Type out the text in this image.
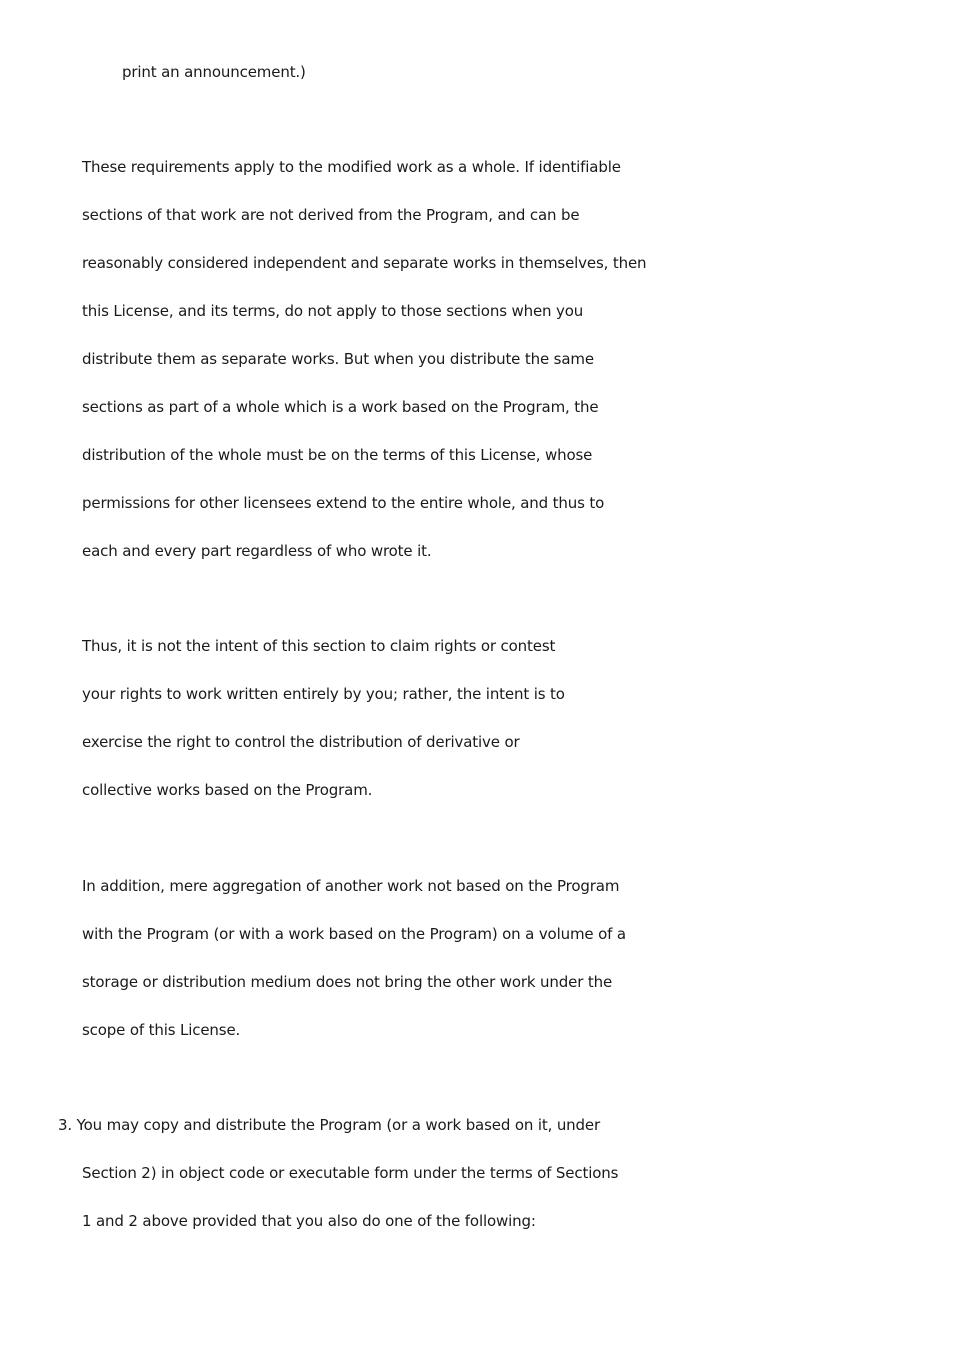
print an announcement.)
These requirements apply to the modified work as a whole. If identifiable
sections of that work are not derived from the Program, and can be
reasonably considered independent and separate works in themselves, then
this License, and its terms, do not apply to those sections when you
distribute them as separate works. But when you distribute the same
sections as part of a whole which is a work based on the Program, the
distribution of the whole must be on the terms of this License, whose
permissions for other licensees extend to the entire whole, and thus to
each and every part regardless of who wrote it.
Thus, it is not the intent of this section to claim rights or contest
your rights to work written entirely by you; rather, the intent is to
exercise the right to control the distribution of derivative or
collective works based on the Program.
In addition, mere aggregation of another work not based on the Program
with the Program (or with a work based on the Program) on a volume of a
storage or distribution medium does not bring the other work under the
scope of this License.
3. You may copy and distribute the Program (or a work based on it, under
Section 2) in object code or executable form under the terms of Sections
1 and 2 above provided that you also do one of the following:
